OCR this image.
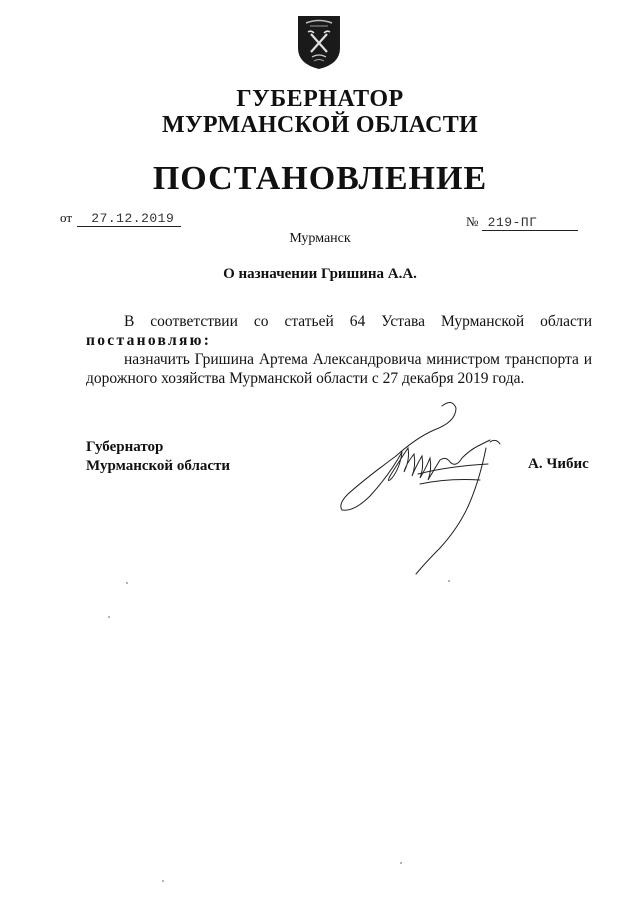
ГУБЕРНАТОР
МУРМАНСКОЙ ОБЛАСТИ
ПОСТАНОВЛЕНИЕ
от 27.12.2019	№ 219-ПГ
Мурманск
О назначении Гришина А.А.

В соответствии со статьей 64 Устава Мурманской области

постановляю:

назначить Гришина Артема Александровича министром транспорта и дорожного хозяйства Мурманской области с 27 декабря 2019 года.

Губернатор
Мурманской области	А. Чибис
